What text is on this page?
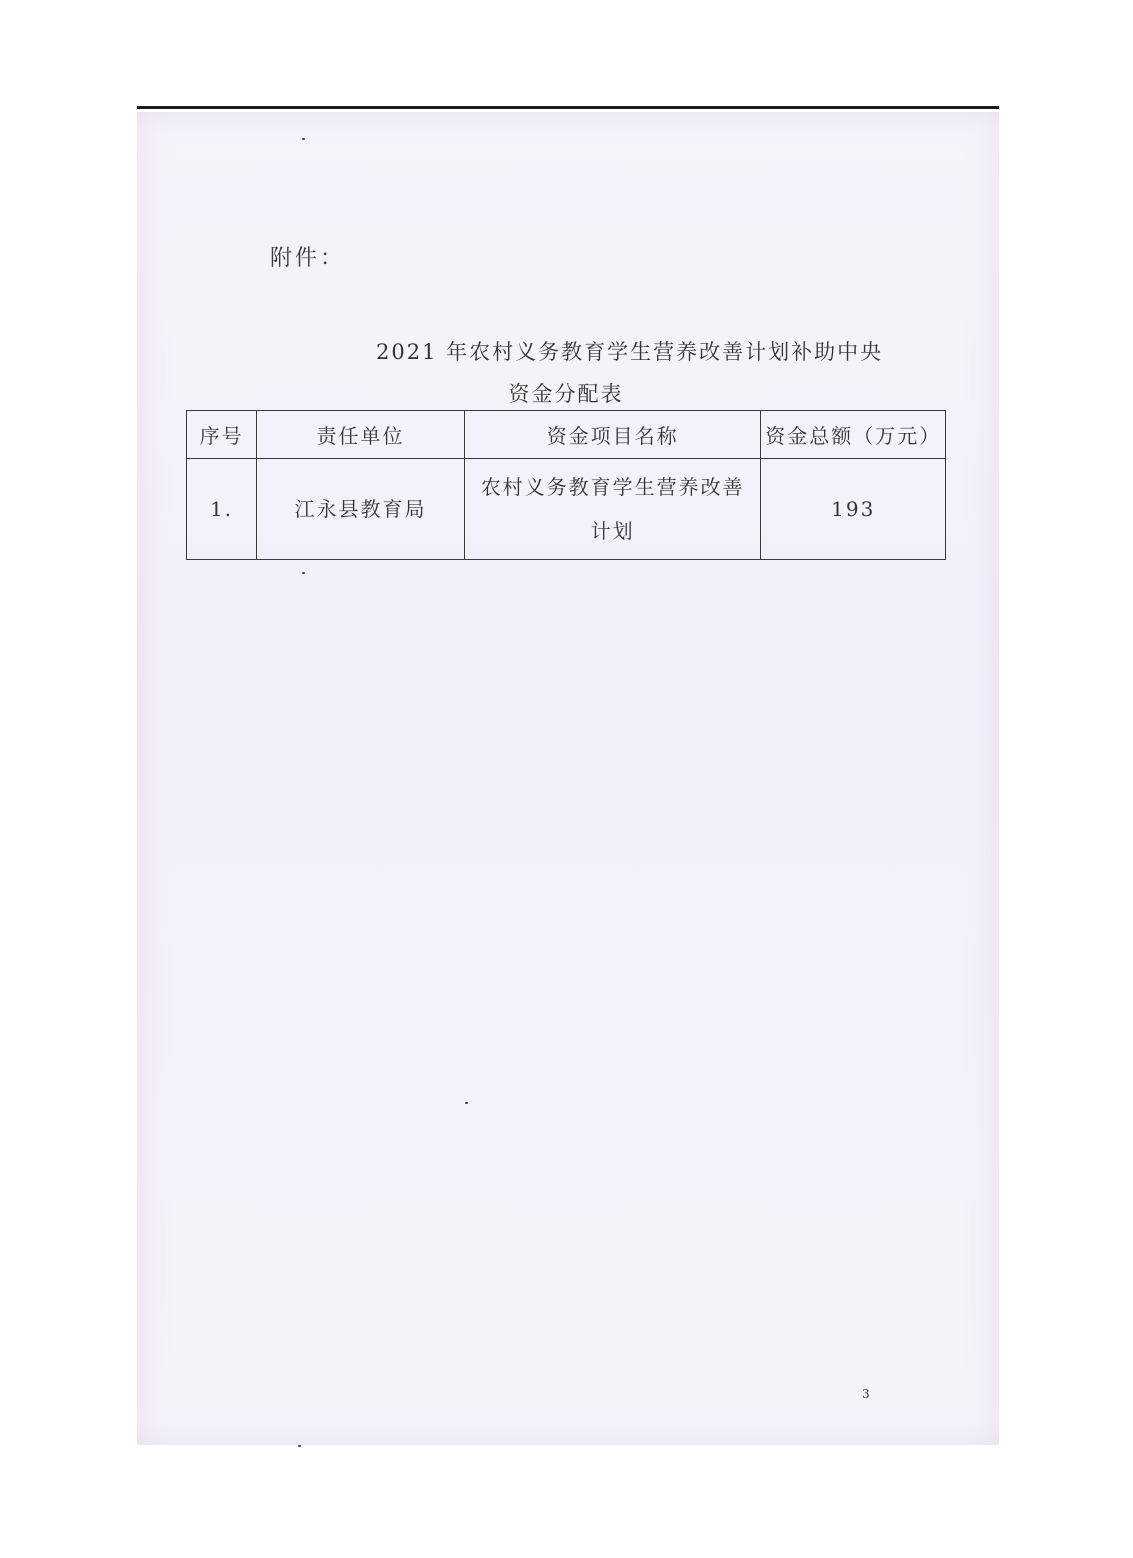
附件：
2021 年农村义务教育学生营养改善计划补助中央
资金分配表
序号	责任单位	资金项目名称	资金总额（万元）
1.	江永县教育局	农村义务教育学生营养改善计划	193
3
